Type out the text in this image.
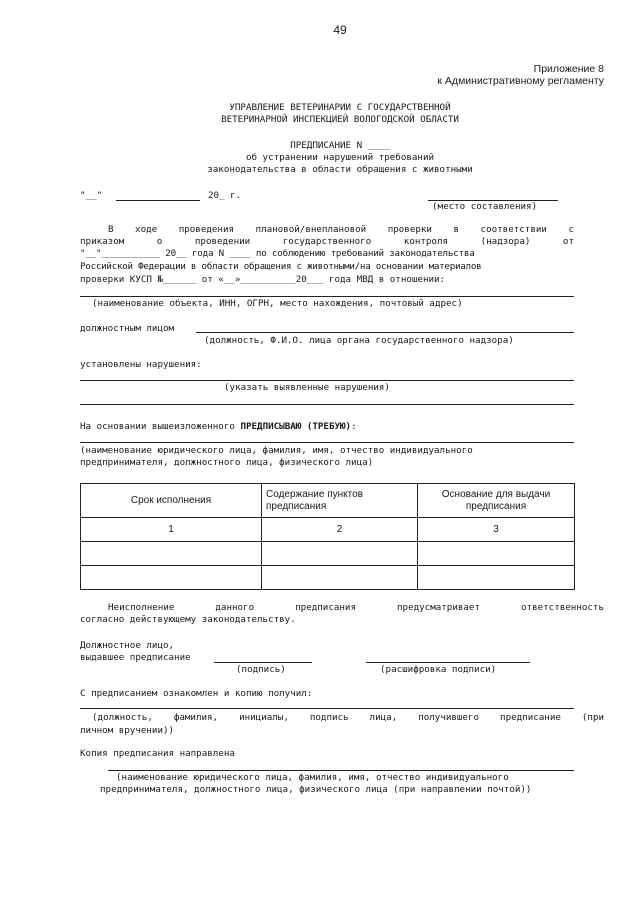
49
Приложение 8
к Административному регламенту
УПРАВЛЕНИЕ ВЕТЕРИНАРИИ С ГОСУДАРСТВЕННОЙ
ВЕТЕРИНАРНОЙ ИНСПЕКЦИЕЙ ВОЛОГОДСКОЙ ОБЛАСТИ
ПРЕДПИСАНИЕ N ____
об устранении нарушений требований
законодательства в области обращения с животными
"__"	20_ г.
(место составления)
В ходе проведения плановой/внеплановой проверки в соответствии с
приказом о проведении государственного контроля (надзора) от
"__"___________ 20__ года N ____ по соблюдению требований законодательства
Российской Федерации в области обращения с животными/на основании материалов
проверки КУСП №______ от «__»__________20___ года МВД в отношении:
(наименование объекта, ИНН, ОГРН, место нахождения, почтовый адрес)
должностным лицом
(должность, Ф.И.О. лица органа государственного надзора)
установлены нарушения:
(указать выявленные нарушения)
На основании вышеизложенного ПРЕДПИСЫВАЮ (ТРЕБУЮ):
(наименование юридического лица, фамилия, имя, отчество индивидуального
предпринимателя, должностного лица, физического лица)
Срок исполнения	Содержание пунктов предписания	Основание для выдачи предписания
1	2	3

Неисполнение данного предписания предусматривает ответственность
согласно действующему законодательству.
Должностное лицо,
выдавшее предписание
(подпись)	(расшифровка подписи)
С предписанием ознакомлен и копию получил:
(должность, фамилия, инициалы, подпись лица, получившего предписание (при
личном вручении))
Копия предписания направлена
(наименование юридического лица, фамилия, имя, отчество индивидуального
предпринимателя, должностного лица, физического лица (при направлении почтой))
